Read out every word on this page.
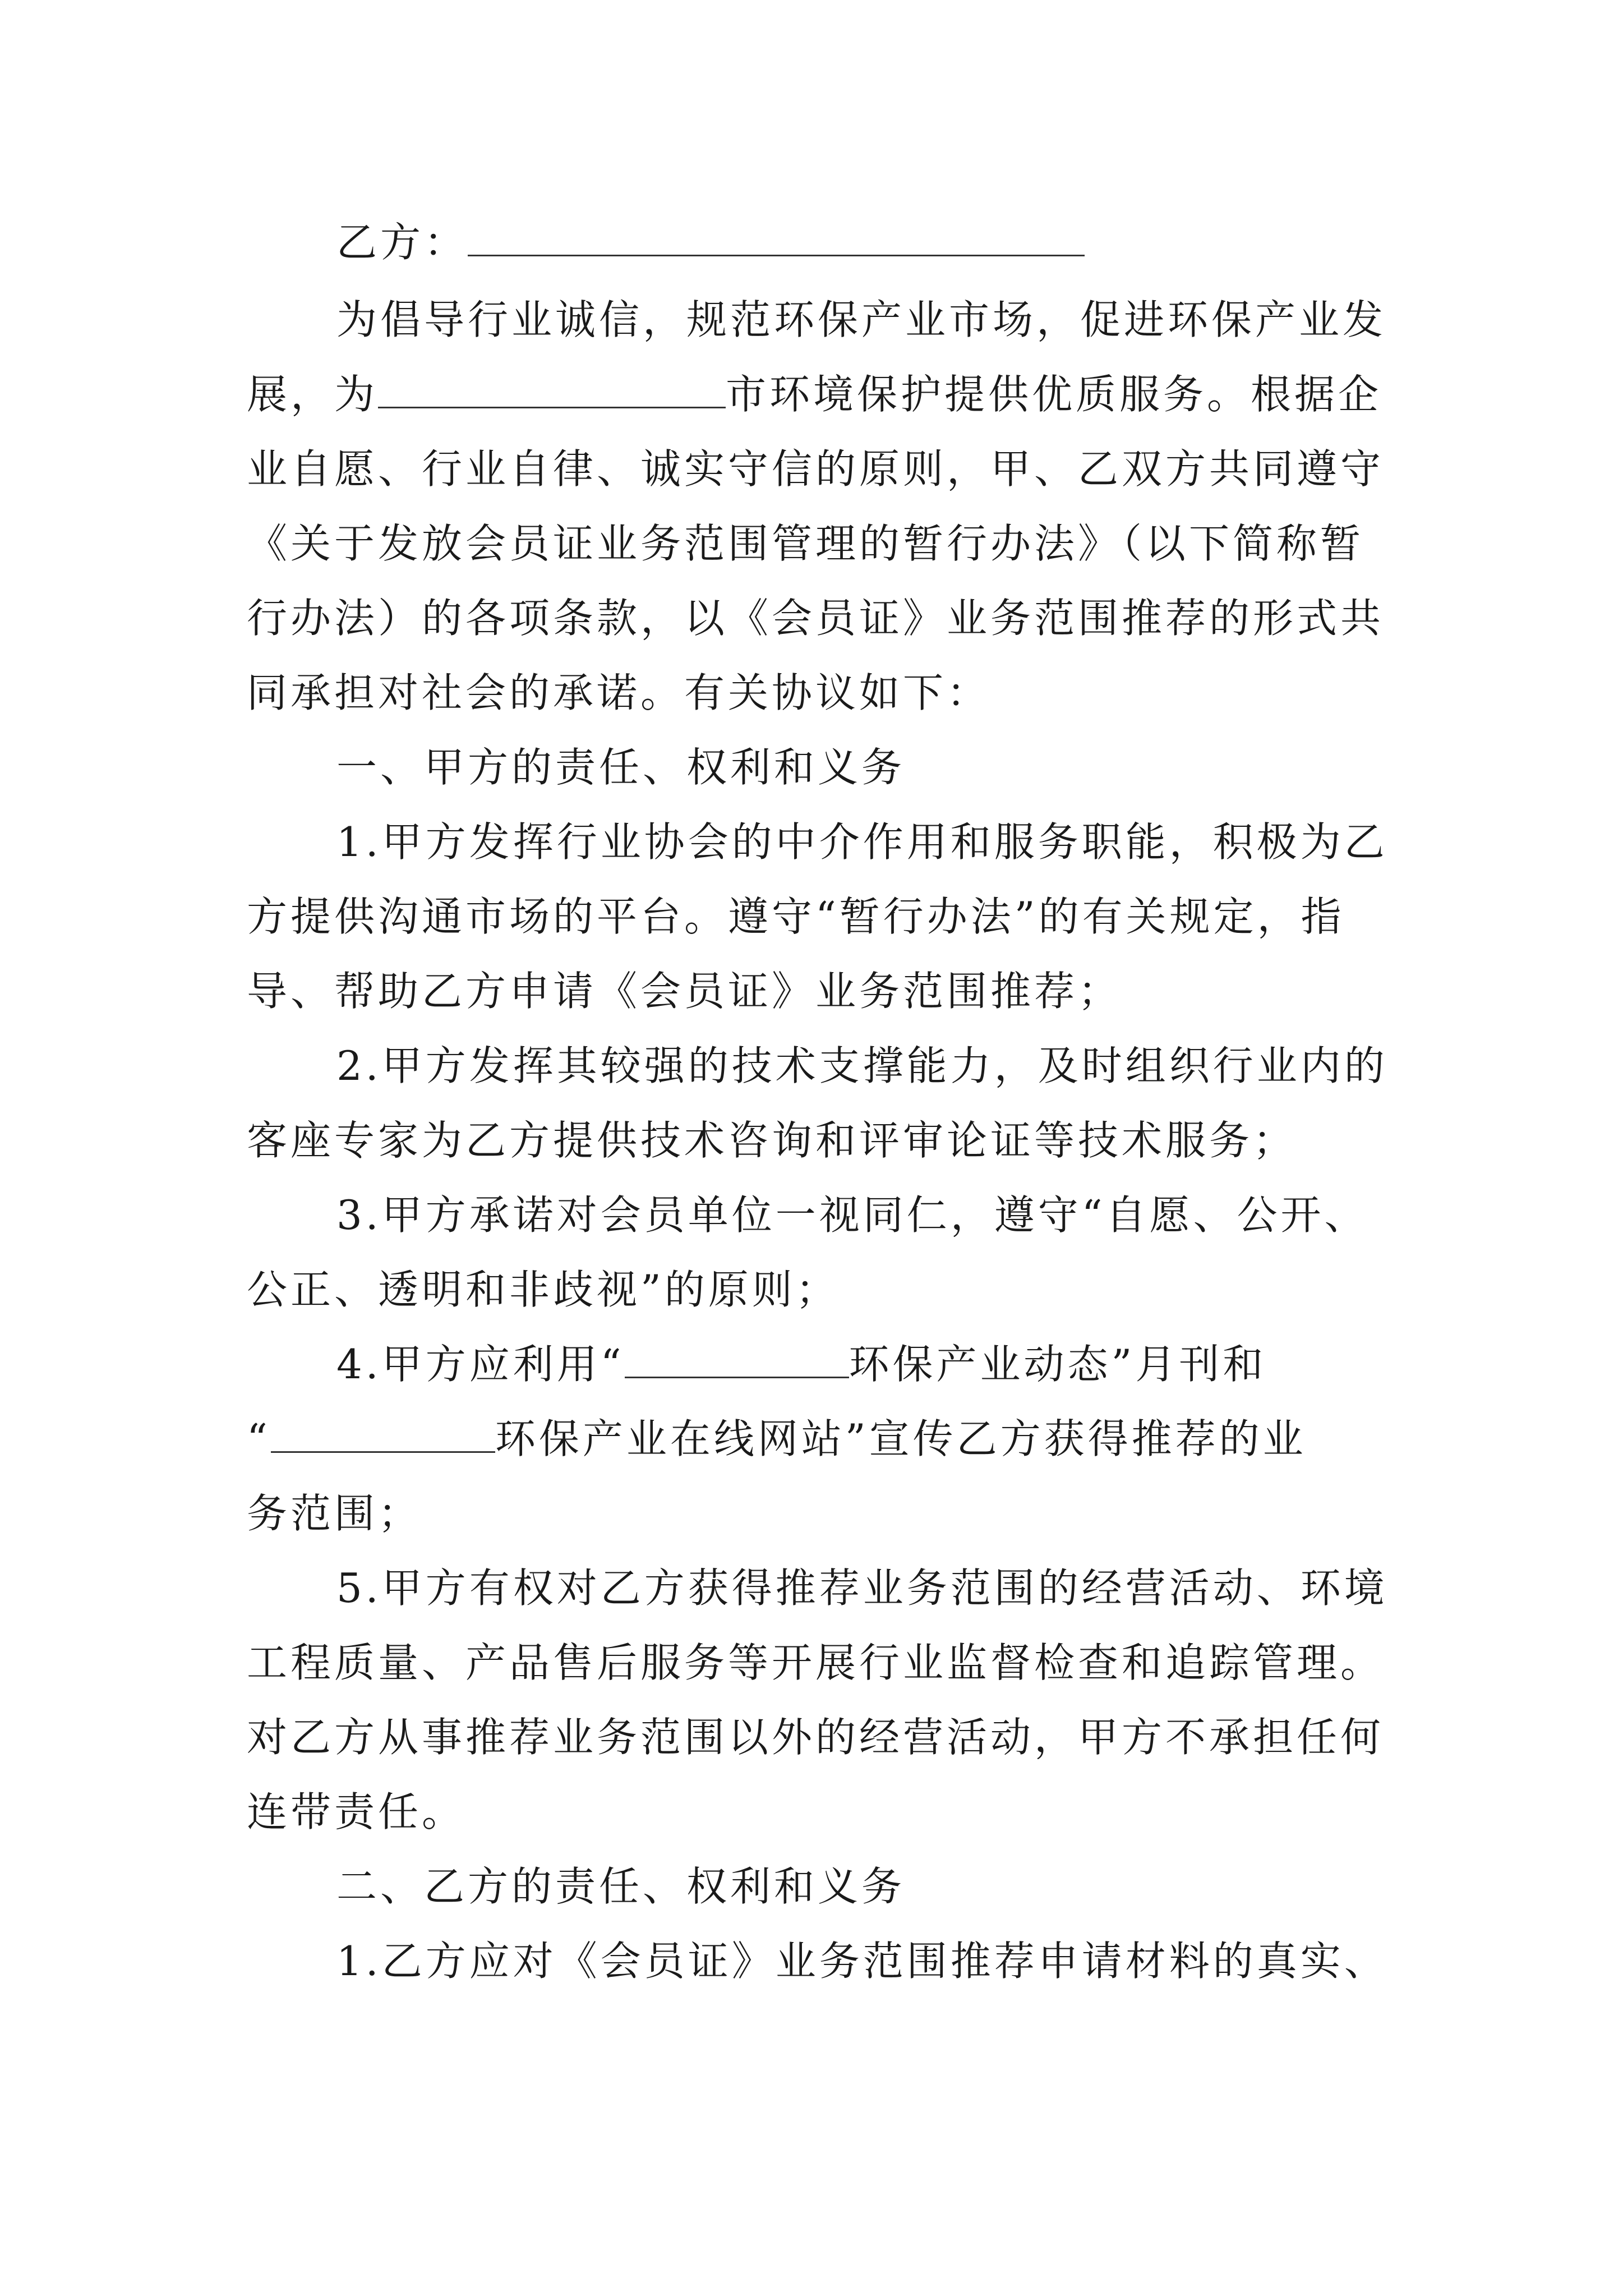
乙方：
为倡导行业诚信，规范环保产业市场，促进环保产业发
展，为	市环境保护提供优质服务。根据企
业自愿、行业自律、诚实守信的原则，甲、乙双方共同遵守
《关于发放会员证业务范围管理的暂行办法》（以下简称暂
行办法）的各项条款，以《会员证》业务范围推荐的形式共
同承担对社会的承诺。有关协议如下：
一、甲方的责任、权利和义务
1.甲方发挥行业协会的中介作用和服务职能，积极为乙
方提供沟通市场的平台。遵守“暂行办法”的有关规定，指
导、帮助乙方申请《会员证》业务范围推荐；
2.甲方发挥其较强的技术支撑能力，及时组织行业内的
客座专家为乙方提供技术咨询和评审论证等技术服务；
3.甲方承诺对会员单位一视同仁，遵守“自愿、公开、
公正、透明和非歧视”的原则；
4.甲方应利用“	环保产业动态”月刊和
“	环保产业在线网站”宣传乙方获得推荐的业
务范围；
5.甲方有权对乙方获得推荐业务范围的经营活动、环境
工程质量、产品售后服务等开展行业监督检查和追踪管理。
对乙方从事推荐业务范围以外的经营活动，甲方不承担任何
连带责任。
二、乙方的责任、权利和义务
1.乙方应对《会员证》业务范围推荐申请材料的真实、
